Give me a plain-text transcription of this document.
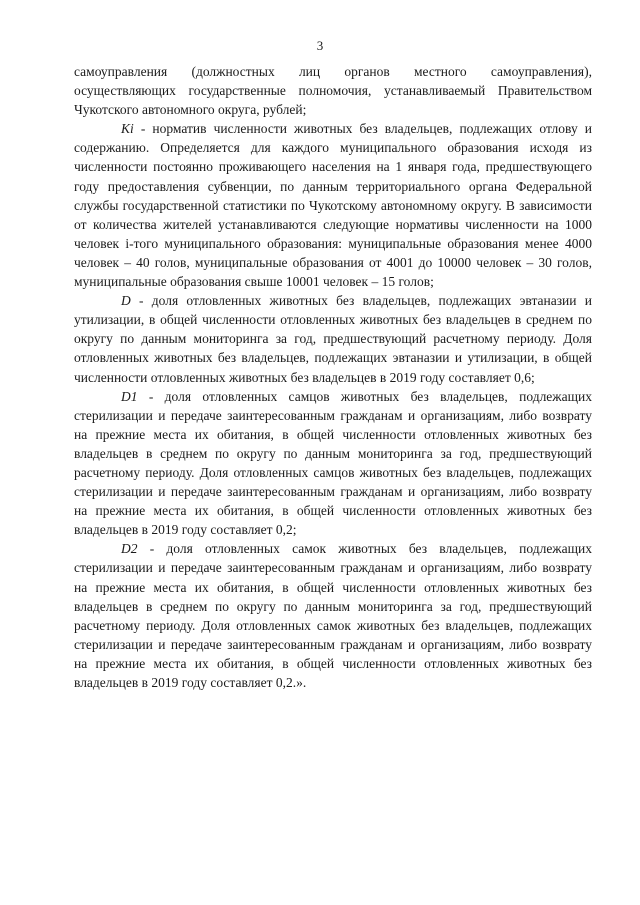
3

самоуправления (должностных лиц органов местного самоуправления), осуществляющих государственные полномочия, устанавливаемый Правительством Чукотского автономного округа, рублей;

Ki - норматив численности животных без владельцев, подлежащих отлову и содержанию. Определяется для каждого муниципального образования исходя из численности постоянно проживающего населения на 1 января года, предшествующего году предоставления субвенции, по данным территориального органа Федеральной службы государственной статистики по Чукотскому автономному округу. В зависимости от количества жителей устанавливаются следующие нормативы численности на 1000 человек i-того муниципального образования: муниципальные образования менее 4000 человек – 40 голов, муниципальные образования от 4001 до 10000 человек – 30 голов, муниципальные образования свыше 10001 человек – 15 голов;

D - доля отловленных животных без владельцев, подлежащих эвтаназии и утилизации, в общей численности отловленных животных без владельцев в среднем по округу по данным мониторинга за год, предшествующий расчетному периоду. Доля отловленных животных без владельцев, подлежащих эвтаназии и утилизации, в общей численности отловленных животных без владельцев в 2019 году составляет 0,6;

D1 - доля отловленных самцов животных без владельцев, подлежащих стерилизации и передаче заинтересованным гражданам и организациям, либо возврату на прежние места их обитания, в общей численности отловленных животных без владельцев в среднем по округу по данным мониторинга за год, предшествующий расчетному периоду. Доля отловленных самцов животных без владельцев, подлежащих стерилизации и передаче заинтересованным гражданам и организациям, либо возврату на прежние места их обитания, в общей численности отловленных животных без владельцев в 2019 году составляет 0,2;

D2 - доля отловленных самок животных без владельцев, подлежащих стерилизации и передаче заинтересованным гражданам и организациям, либо возврату на прежние места их обитания, в общей численности отловленных животных без владельцев в среднем по округу по данным мониторинга за год, предшествующий расчетному периоду. Доля отловленных самок животных без владельцев, подлежащих стерилизации и передаче заинтересованным гражданам и организациям, либо возврату на прежние места их обитания, в общей численности отловленных животных без владельцев в 2019 году составляет 0,2.».
